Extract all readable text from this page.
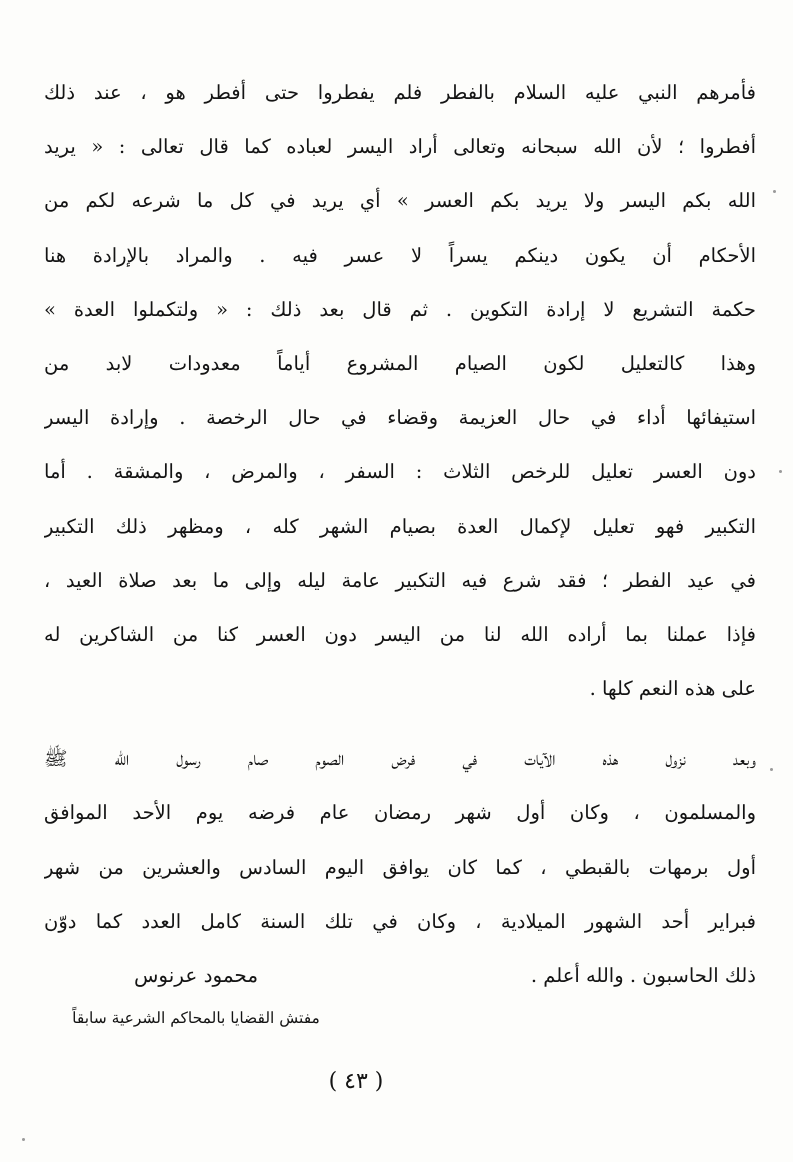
فأمرهم النبي عليه السلام بالفطر فلم يفطروا حتى أفطر هو ، عند ذلك
أفطروا ؛ لأن الله سبحانه وتعالى أراد اليسر لعباده كما قال تعالى : « يريد
الله بكم اليسر ولا يريد بكم العسر » أي يريد في كل ما شرعه لكم من
الأحكام أن يكون دينكم يسراً لا عسر فيه . والمراد بالإرادة هنا
حكمة التشريع لا إرادة التكوين . ثم قال بعد ذلك : « ولتكملوا العدة »
وهذا كالتعليل لكون الصيام المشروع أياماً معدودات لابد من
استيفائها أداء في حال العزيمة وقضاء في حال الرخصة . وإرادة اليسر
دون العسر تعليل للرخص الثلاث : السفر ، والمرض ، والمشقة . أما
التكبير فهو تعليل لإكمال العدة بصيام الشهر كله ، ومظهر ذلك التكبير
في عيد الفطر ؛ فقد شرع فيه التكبير عامة ليله وإلى ما بعد صلاة العيد ،
فإذا عملنا بما أراده الله لنا من اليسر دون العسر كنا من الشاكرين له
على هذه النعم كلها .
وبعد نزول هذه الآيات في فرض الصوم صام رسول الله ﷺ
والمسلمون ، وكان أول شهر رمضان عام فرضه يوم الأحد الموافق
أول برمهات بالقبطي ، كما كان يوافق اليوم السادس والعشرين من شهر
فبراير أحد الشهور الميلادية ، وكان في تلك السنة كامل العدد كما دوّن
ذلك الحاسبون . والله أعلم .
محمود عرنوس
مفتش القضايا بالمحاكم الشرعية سابقاً
( ٤٣ )
